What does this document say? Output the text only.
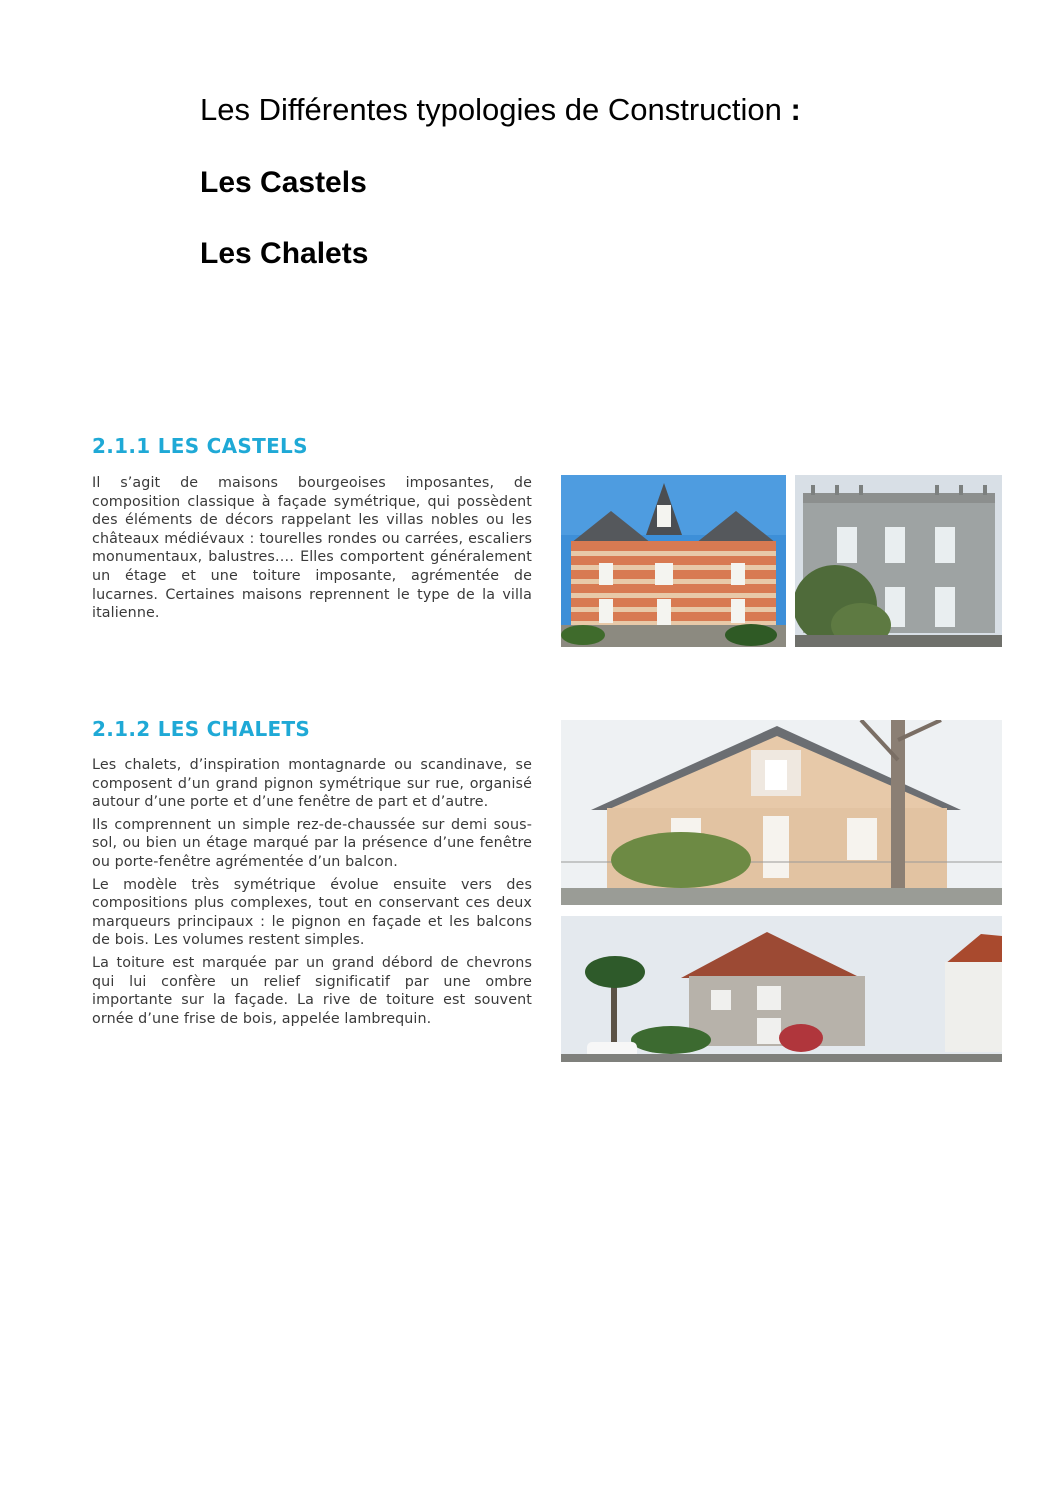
Les Différentes typologies de Construction :
Les Castels
Les Chalets
2.1.1 LES CASTELS

Il s’agit de maisons bourgeoises imposantes, de composition classique à façade symétrique, qui possèdent des éléments de décors rappelant les villas nobles ou les châteaux médiévaux : tourelles rondes ou carrées, escaliers monumentaux, balustres…. Elles comportent généralement un étage et une toiture imposante, agrémentée de lucarnes. Certaines maisons reprennent le type de la villa italienne.

2.1.2 LES CHALETS

Les chalets, d’inspiration montagnarde ou scandinave, se composent d’un grand pignon symétrique sur rue, organisé autour d’une porte et d’une fenêtre de part et d’autre.

Ils comprennent un simple rez-de-chaussée sur demi sous-sol, ou bien un étage marqué par la présence d’une fenêtre ou porte-fenêtre agrémentée d’un balcon.

Le modèle très symétrique évolue ensuite vers des compositions plus complexes, tout en conservant ces deux marqueurs principaux : le pignon en façade et les balcons de bois. Les volumes restent simples.

La toiture est marquée par un grand débord de chevrons qui lui confère un relief significatif par une ombre importante sur la façade. La rive de toiture est souvent ornée d’une frise de bois, appelée lambrequin.
